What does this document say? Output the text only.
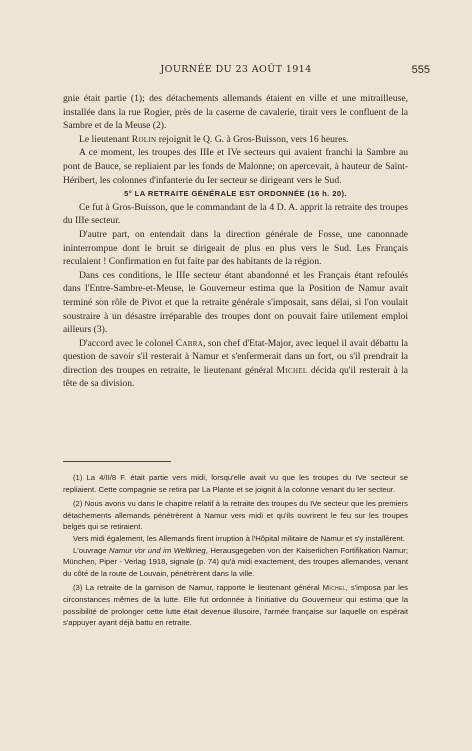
JOURNÉE DU 23 AOÛT 1914	555

gnie était partie (1); des détachements allemands étaient en ville et une mitrailleuse, installée dans la rue Rogier, près de la caserne de cavalerie, tirait vers le confluent de la Sambre et de la Meuse (2).

Le lieutenant Rolin rejoignit le Q. G. à Gros-Buisson, vers 16 heures.

A ce moment, les troupes des IIIe et IVe secteurs qui avaient franchi la Sambre au pont de Bauce, se repliaient par les fonds de Malonne; on apercevait, à hauteur de Saint-Héribert, les colonnes d'infanterie du Ier secteur se dirigeant vers le Sud.

5° LA RETRAITE GÉNÉRALE EST ORDONNÉE (16 h. 20).

Ce fut à Gros-Buisson, que le commandant de la 4 D. A. apprit la retraite des troupes du IIIe secteur.

D'autre part, on entendait dans la direction générale de Fosse, une canonnade ininterrompue dont le bruit se dirigeait de plus en plus vers le Sud. Les Français reculaient ! Confirmation en fut faite par des habitants de la région.

Dans ces conditions, le IIIe secteur étant abandonné et les Français étant refoulés dans l'Entre-Sambre-et-Meuse, le Gouverneur estima que la Position de Namur avait terminé son rôle de Pivot et que la retraite générale s'imposait, sans délai, si l'on voulait soustraire à un désastre irréparable des troupes dont on pouvait faire utilement emploi ailleurs (3).

D'accord avec le colonel Cabra, son chef d'Etat-Major, avec lequel il avait débattu la question de savoir s'il resterait à Namur et s'enfermerait dans un fort, ou s'il prendrait la direction des troupes en retraite, le lieutenant général Michel décida qu'il resterait à la tête de sa division.

(1) La 4/II/8 F. était partie vers midi, lorsqu'elle avait vu que les troupes du IVe secteur se repliaient. Cette compagnie se retira par La Plante et se joignit à la colonne venant du Ier secteur.

(2) Nous avons vu dans le chapitre relatif à la retraite des troupes du IVe secteur que les premiers détachements allemands pénétrèrent à Namur vers midi et qu'ils ouvrirent le feu sur les troupes belges qui se retiraient.

Vers midi également, les Allemands firent irruption à l'Hôpital militaire de Namur et s'y installèrent.

L'ouvrage Namur vor und im Weltkrieg, Herausgegeben von der Kaiserlichen Fortifikation Namur; München, Piper - Verlag 1918, signale (p. 74) qu'à midi exactement, des troupes allemandes, venant du côté de la route de Louvain, pénétrèrent dans la ville.

(3) La retraite de la garnison de Namur, rapporte le lieutenant général Michel, s'imposa par les circonstances mêmes de la lutte. Elle fut ordonnée à l'initiative du Gouverneur qui estima que la possibilité de prolonger cette lutte était devenue illusoire, l'armée française sur laquelle on espérait s'appuyer ayant déjà battu en retraite.
